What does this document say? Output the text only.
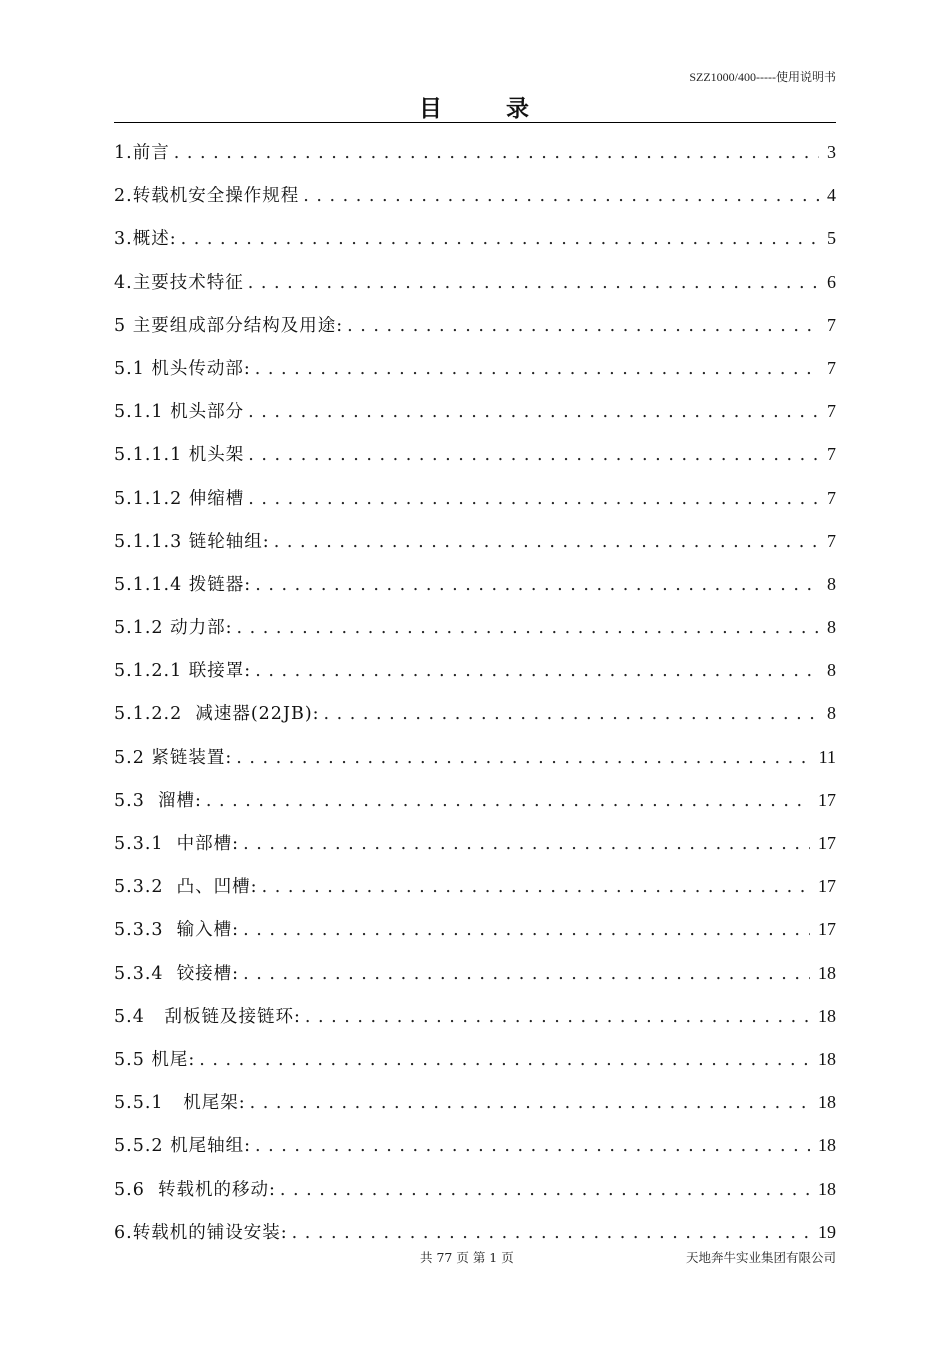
SZZ1000/400-----使用说明书
目	录
1.前言 . . .	3
2.转载机安全操作规程 . . .	4
3.概述: . . .	5
4.主要技术特征 . . .	6
5 主要组成部分结构及用途: . . .	7
5.1 机头传动部: . . .	7
5.1.1 机头部分 . . .	7
5.1.1.1 机头架 . . .	7
5.1.1.2 伸缩槽 . . .	7
5.1.1.3 链轮轴组: . . .	7
5.1.1.4 拨链器: . . .	8
5.1.2 动力部: . . .	8
5.1.2.1 联接罩: . . .	8
5.1.2.2  减速器(22JB): . . .	8
5.2 紧链装置: . . .	11
5.3  溜槽: . . .	17
5.3.1  中部槽: . . .	17
5.3.2  凸、凹槽: . . .	17
5.3.3  输入槽: . . .	17
5.3.4  铰接槽: . . .	18
5.4   刮板链及接链环: . . .	18
5.5 机尾: . . .	18
5.5.1   机尾架: . . .	18
5.5.2 机尾轴组: . . .	18
5.6  转载机的移动: . . .	18
6.转载机的铺设安装: . . .	19
共 77 页 第 1 页	天地奔牛实业集团有限公司
